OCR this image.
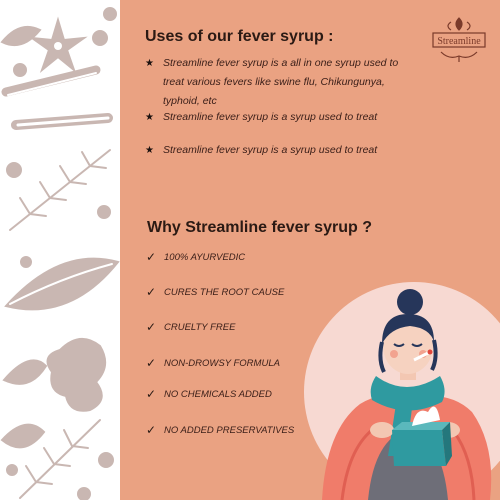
Streamline
Uses of our fever syrup :
★ Streamline fever syrup is a all in one syrup used to treat various fevers like swine flu, Chikungunya, typhoid, etc
★ Streamline fever syrup is a syrup used to treat
★ Streamline fever syrup is a syrup used to treat
Why Streamline fever syrup ?
✓ 100% AYURVEDIC
✓ CURES THE ROOT CAUSE
✓ CRUELTY FREE
✓ NON-DROWSY FORMULA
✓ NO CHEMICALS ADDED
✓ NO ADDED PRESERVATIVES
